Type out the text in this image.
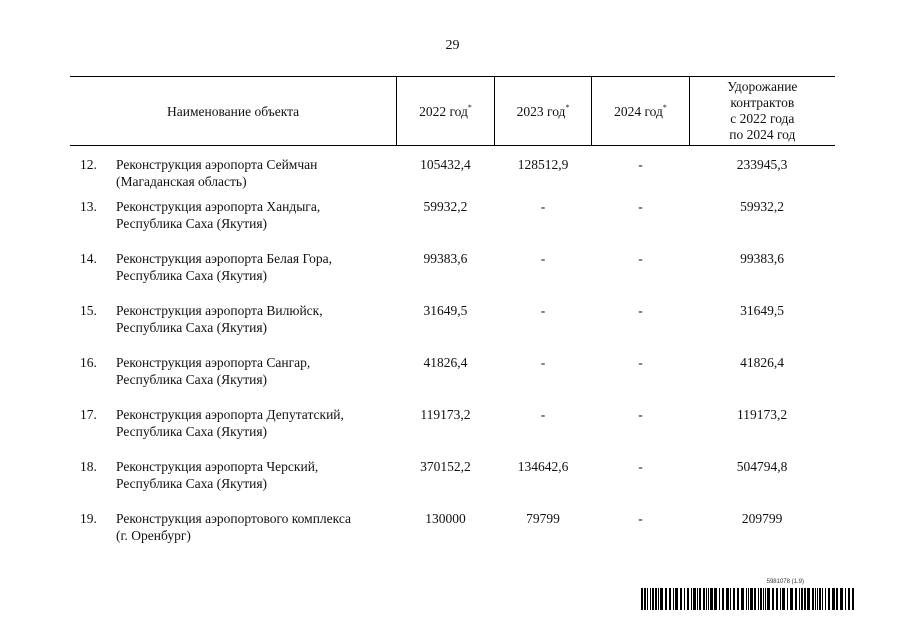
29
Наименование объекта	2022 год*	2023 год*	2024 год*	Удорожание
контрактов
с 2022 года
по 2024 год

12. Реконструкция аэропорта Сеймчан
(Магаданская область)	105432,4	128512,9	-	233945,3

13. Реконструкция аэропорта Хандыга,
Республика Саха (Якутия)	59932,2	-	-	59932,2

14. Реконструкция аэропорта Белая Гора,
Республика Саха (Якутия)	99383,6	-	-	99383,6

15. Реконструкция аэропорта Вилюйск,
Республика Саха (Якутия)	31649,5	-	-	31649,5

16. Реконструкция аэропорта Сангар,
Республика Саха (Якутия)	41826,4	-	-	41826,4

17. Реконструкция аэропорта Депутатский,
Республика Саха (Якутия)	119173,2	-	-	119173,2

18. Реконструкция аэропорта Черский,
Республика Саха (Якутия)	370152,2	134642,6	-	504794,8

19. Реконструкция аэропортового комплекса
(г. Оренбург)	130000	79799	-	209799
5981078 (1.9)
